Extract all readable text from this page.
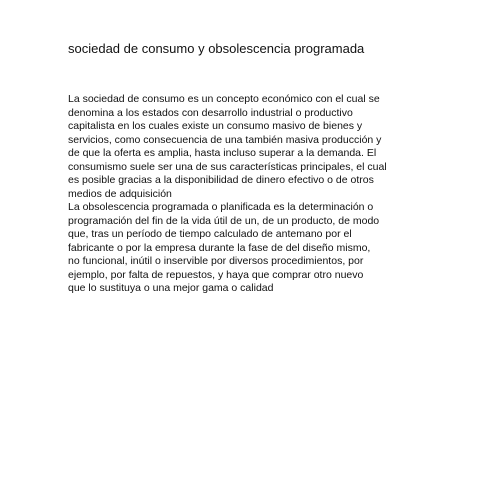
sociedad de consumo y obsolescencia programada

La sociedad de consumo es un concepto económico con el cual se
denomina a los estados con desarrollo industrial o productivo
capitalista en los cuales existe un consumo masivo de bienes y
servicios, como consecuencia de una también masiva producción y
de que la oferta es amplia, hasta incluso superar a la demanda. El
consumismo suele ser una de sus características principales, el cual
es posible gracias a la disponibilidad de dinero efectivo o de otros
medios de adquisición

La obsolescencia programada o planificada es la determinación o
programación del fin de la vida útil de un, de un producto, de modo
que, tras un período de tiempo calculado de antemano por el
fabricante o por la empresa durante la fase de del diseño mismo,
no funcional, inútil o inservible por diversos procedimientos, por
ejemplo, por falta de repuestos, y haya que comprar otro nuevo
que lo sustituya o una mejor gama o calidad
